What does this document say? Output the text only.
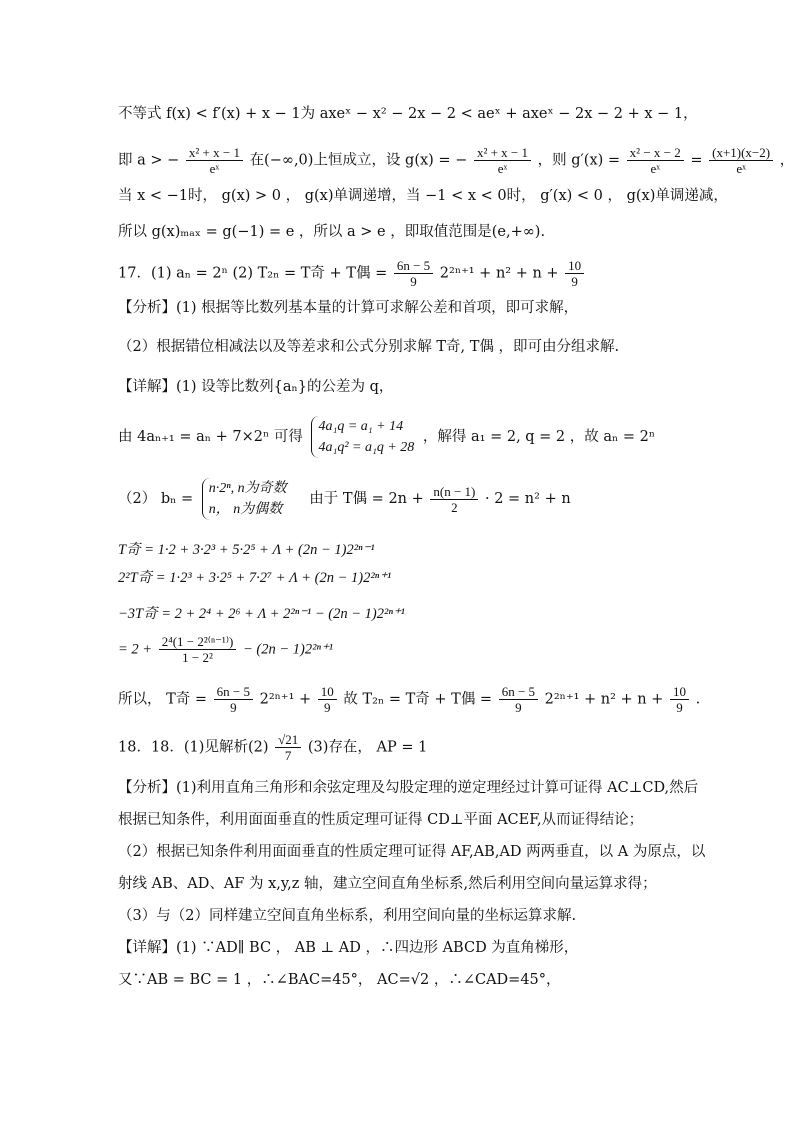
不等式 f(x) < f′(x) + x − 1为 axeˣ − x² − 2x − 2 < aeˣ + axeˣ − 2x − 2 + x − 1，
即 a > − $\frac{\text{x² + x − 1}}{\text{eˣ}}$ 在(−∞,0)上恒成立，设 g(x) = − $\frac{\text{x² + x − 1}}{\text{eˣ}}$ ，则 $g'(x) = \frac{\text{x² − x − 2}}{\text{eˣ}} = \frac{(x+1)(x-2)}{\text{eˣ}}$ ，
当 x < −1时， g(x) > 0 ， g(x)单调递增，当 −1 < x < 0时， g′(x) < 0 ， g(x)单调递减，
所以 g(x)ₘₐₓ = g(−1) = e ，所以 a > e ，即取值范围是(e,+∞).
17．(1) aₙ = 2ⁿ (2) T₂ₙ = T奇 + T偶 = $\frac{6n - 5}{9} 2^{2n+1} + n^2 + n + \frac{10}{9}$
【分析】(1) 根据等比数列基本量的计算可求解公差和首项，即可求解，
（2）根据错位相减法以及等差求和公式分别求解 T奇, T偶 ，即可由分组求解.
【详解】(1) 设等比数列{aₙ}的公差为 q，
由 4aₙ₊₁ = aₙ + 7×2ⁿ 可得
4a₁q = a₁ + 14
4a₁q² = a₁q + 28
，解得 a₁ = 2, q = 2 ，故 aₙ = 2ⁿ
（2） bₙ =
n·2ⁿ, n为奇数
n， n为偶数
由于 T偶 = $2n + \frac{n(n - 1)}{2} \cdot 2 = n^2 + n$
T奇 = 1·2 + 3·2³ + 5·2⁵ + Λ + (2n − 1)2²ⁿ⁻¹
2²T奇 = 1·2³ + 3·2⁵ + 7·2⁷ + Λ + (2n − 1)2²ⁿ⁺¹
−3T奇 = 2 + 2⁴ + 2⁶ + Λ + 2²ⁿ⁻¹ − (2n − 1)2²ⁿ⁺¹
= $2 + \frac{\text{2⁴(1 − 2²⁽ⁿ⁻¹⁾)}}{\text{1 − 2²}} - (2n - 1)2^{2n+1}$
所以， T奇 = $\frac{6n - 5}{9} 2^{2n+1} + \frac{10}{9}$ 故 T₂ₙ = T奇 + T偶 = $\frac{6n - 5}{9} 2^{2n+1} + n^2 + n + \frac{10}{9}$ .
18．18．(1)见解析$(2) \frac{√21}{7} (3)$存在， AP = 1
【分析】(1)利用直角三角形和余弦定理及勾股定理的逆定理经过计算可证得 AC⊥CD,然后
根据已知条件，利用面面垂直的性质定理可证得 CD⊥平面 ACEF,从而证得结论；
（2）根据已知条件利用面面垂直的性质定理可证得 AF,AB,AD 两两垂直，以 A 为原点，以
射线 AB、AD、AF 为 x,y,z 轴，建立空间直角坐标系,然后利用空间向量运算求得；
（3）与（2）同样建立空间直角坐标系，利用空间向量的坐标运算求解.
【详解】(1) ∵AD∥ BC ， AB ⊥ AD ，∴四边形 ABCD 为直角梯形，
又∵AB = BC = 1 ，∴∠BAC=45°， AC=√2 ，∴∠CAD=45°，
